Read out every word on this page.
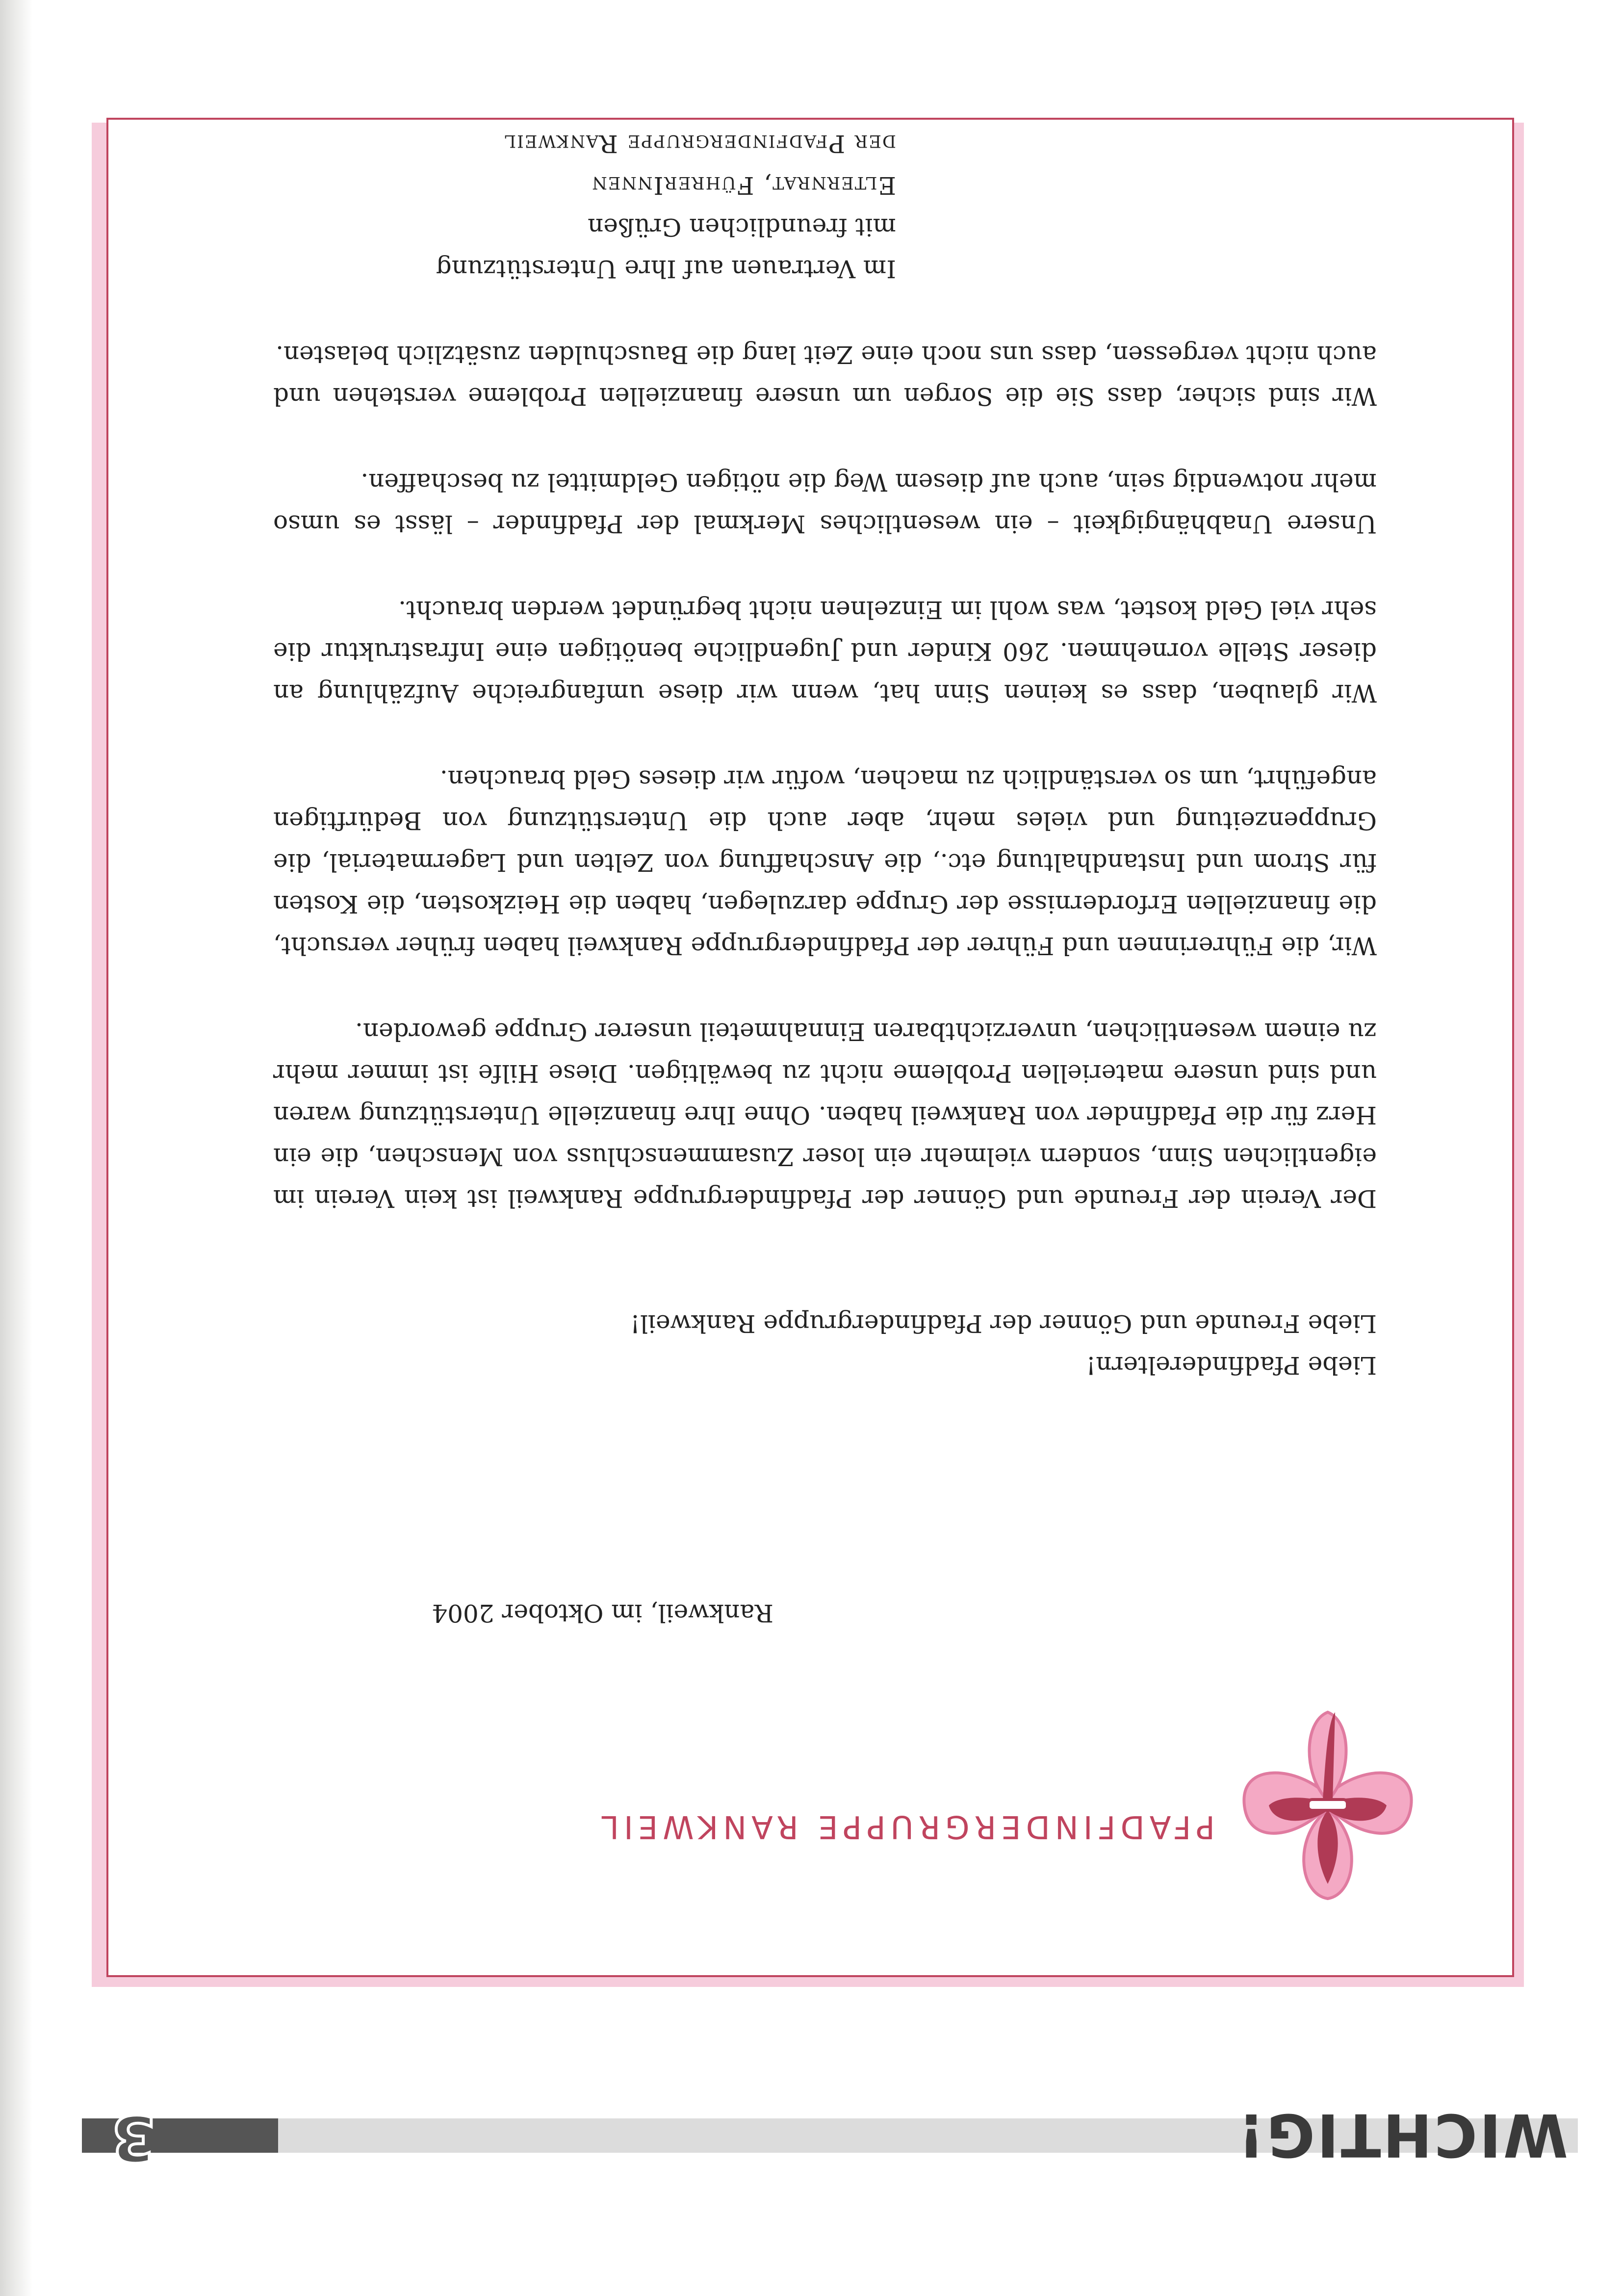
WICHTIG!
3
PFADFINDERGRUPPE RANKWEIL

Rankweil, im Oktober 2004

Liebe Pfadfindereltern!

Liebe Freunde und Gönner der Pfadfindergruppe Rankweil!

Der Verein der Freunde und Gönner der Pfadfindergruppe Rankweil ist kein Verein im eigentlichen Sinn, sondern vielmehr ein loser Zusammenschluss von Menschen, die ein Herz für die Pfadfinder von Rankweil haben. Ohne Ihre finanzielle Unterstützung waren und sind unsere materiellen Probleme nicht zu bewältigen. Diese Hilfe ist immer mehr zu einem wesentlichen, unverzichtbaren Einnahmeteil unserer Gruppe geworden.

Wir, die Führerinnen und Führer der Pfadfindergruppe Rankweil haben früher versucht, die finanziellen Erfordernisse der Gruppe darzulegen, haben die Heizkosten, die Kosten für Strom und Instandhaltung etc., die Anschaffung von Zelten und Lagermaterial, die Gruppenzeitung und vieles mehr, aber auch die Unterstützung von Bedürftigen angeführt, um so verständlich zu machen, wofür wir dieses Geld brauchen.

Wir glauben, dass es keinen Sinn hat, wenn wir diese umfangreiche Aufzählung an dieser Stelle vornehmen. 260 Kinder und Jugendliche benötigen eine Infrastruktur die sehr viel Geld kostet, was wohl im Einzelnen nicht begründet werden braucht.

Unsere Unabhängigkeit – ein wesentliches Merkmal der Pfadfinder – lässt es umso mehr notwendig sein, auch auf diesem Weg die nötigen Geldmittel zu beschaffen.

Wir sind sicher, dass Sie die Sorgen um unsere finanziellen Probleme verstehen und auch nicht vergessen, dass uns noch eine Zeit lang die Bauschulden zusätzlich belasten.

Im Vertrauen auf Ihre Unterstützung

mit freundlichen Grüßen

Elternrat, FührerInnen

der Pfadfindergruppe Rankweil
